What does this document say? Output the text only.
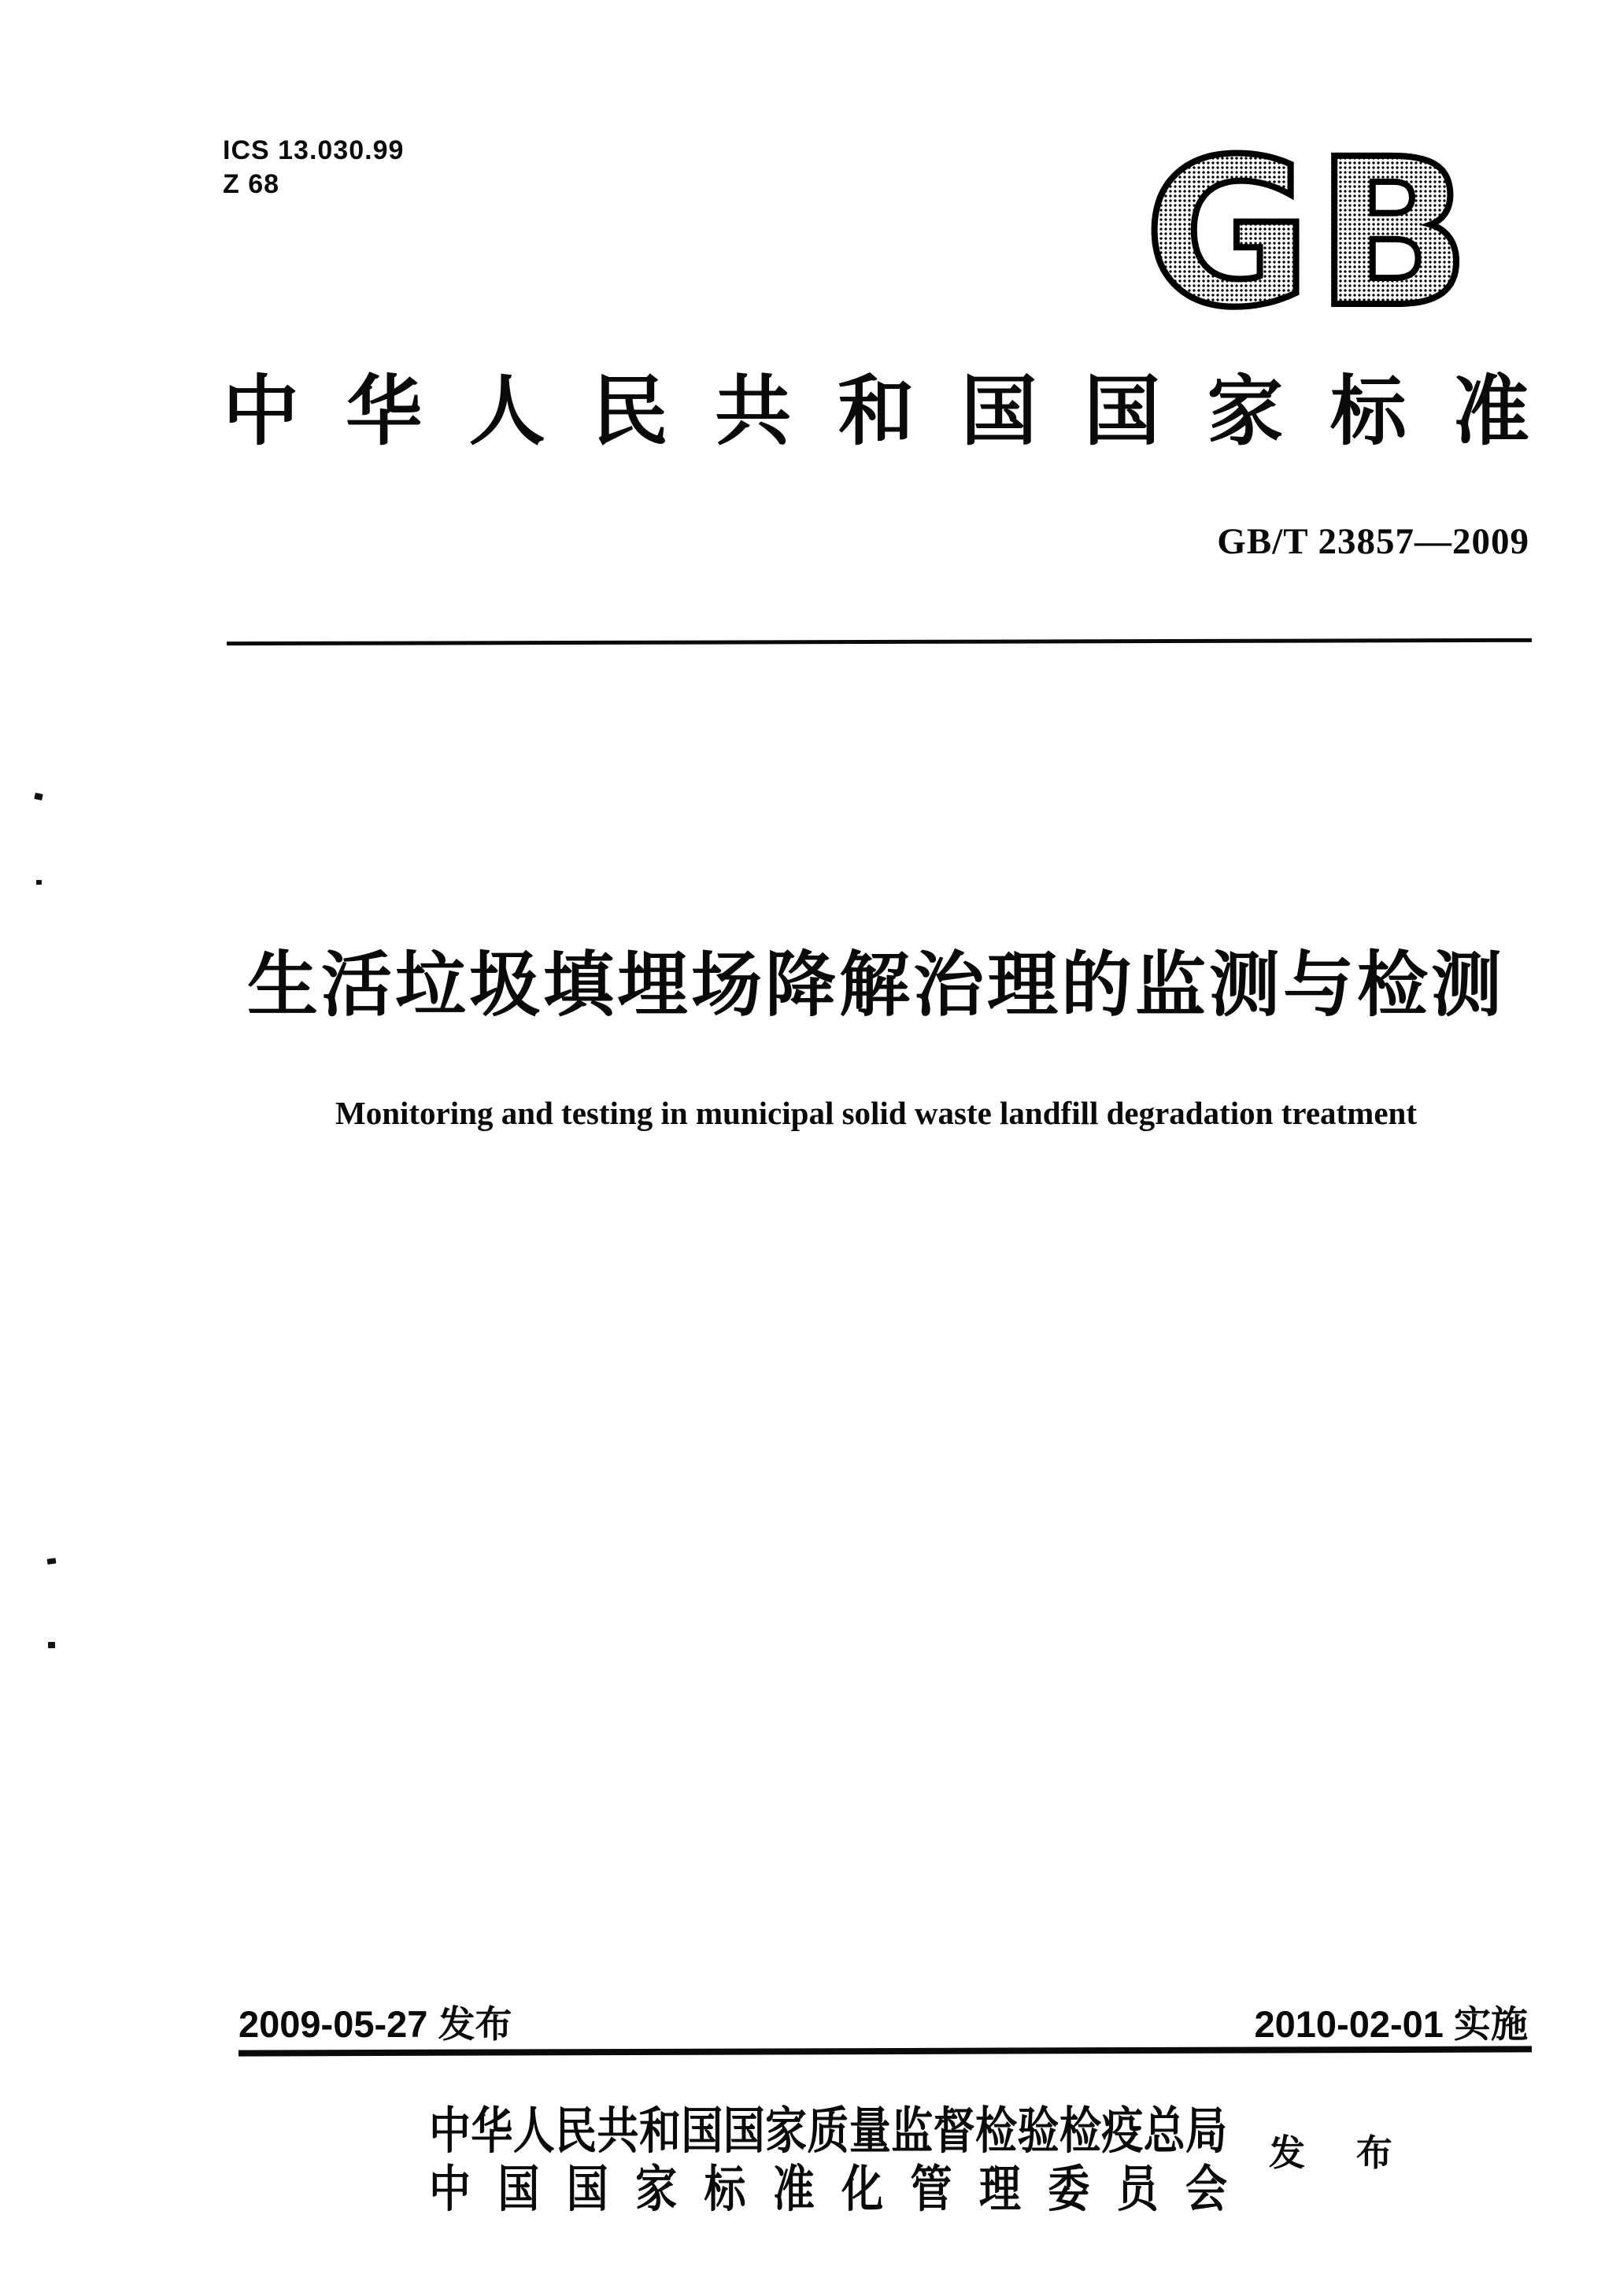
ICS 13.030.99
Z 68	GB
中华人民共和国国家标准
GB/T 23857—2009
生活垃圾填埋场降解治理的监测与检测
Monitoring and testing in municipal solid waste landfill degradation treatment
2009-05-27 发布	2010-02-01 实施
中华人民共和国国家质量监督检验检疫总局
中国国家标准化管理委员会
发 布
